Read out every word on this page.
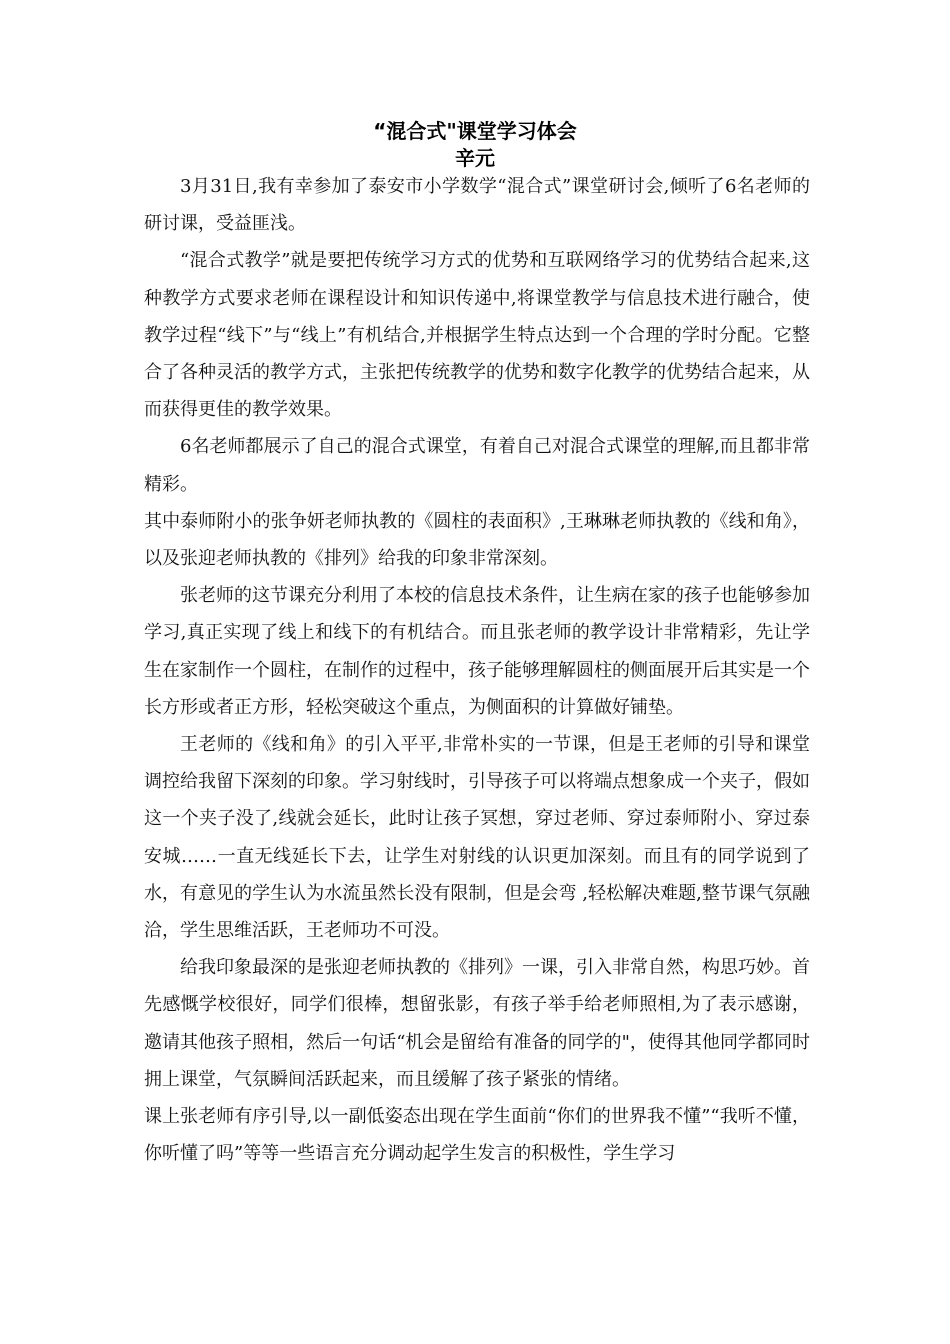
“混合式"课堂学习体会
辛元

3月31日,我有幸参加了泰安市小学数学“混合式”课堂研讨会,倾听了6名老师的研讨课，受益匪浅。

“混合式教学”就是要把传统学习方式的优势和互联网络学习的优势结合起来,这种教学方式要求老师在课程设计和知识传递中,将课堂教学与信息技术进行融合，使教学过程“线下”与“线上”有机结合,并根据学生特点达到一个合理的学时分配。它整合了各种灵活的教学方式，主张把传统教学的优势和数字化教学的优势结合起来，从而获得更佳的教学效果。

6名老师都展示了自己的混合式课堂，有着自己对混合式课堂的理解,而且都非常精彩。

其中泰师附小的张争妍老师执教的《圆柱的表面积》,王琳琳老师执教的《线和角》，以及张迎老师执教的《排列》给我的印象非常深刻。

张老师的这节课充分利用了本校的信息技术条件，让生病在家的孩子也能够参加学习,真正实现了线上和线下的有机结合。而且张老师的教学设计非常精彩，先让学生在家制作一个圆柱，在制作的过程中，孩子能够理解圆柱的侧面展开后其实是一个长方形或者正方形，轻松突破这个重点，为侧面积的计算做好铺垫。

王老师的《线和角》的引入平平,非常朴实的一节课，但是王老师的引导和课堂调控给我留下深刻的印象。学习射线时，引导孩子可以将端点想象成一个夹子，假如这一个夹子没了,线就会延长，此时让孩子冥想，穿过老师、穿过泰师附小、穿过泰安城……一直无线延长下去，让学生对射线的认识更加深刻。而且有的同学说到了水，有意见的学生认为水流虽然长没有限制，但是会弯 ,轻松解决难题,整节课气氛融洽，学生思维活跃，王老师功不可没。

给我印象最深的是张迎老师执教的《排列》一课，引入非常自然，构思巧妙。首先感慨学校很好，同学们很棒，想留张影，有孩子举手给老师照相,为了表示感谢，邀请其他孩子照相，然后一句话“机会是留给有准备的同学的"，使得其他同学都同时拥上课堂，气氛瞬间活跃起来，而且缓解了孩子紧张的情绪。

课上张老师有序引导,以一副低姿态出现在学生面前“你们的世界我不懂”“我听不懂，你听懂了吗”等等一些语言充分调动起学生发言的积极性，学生学习
